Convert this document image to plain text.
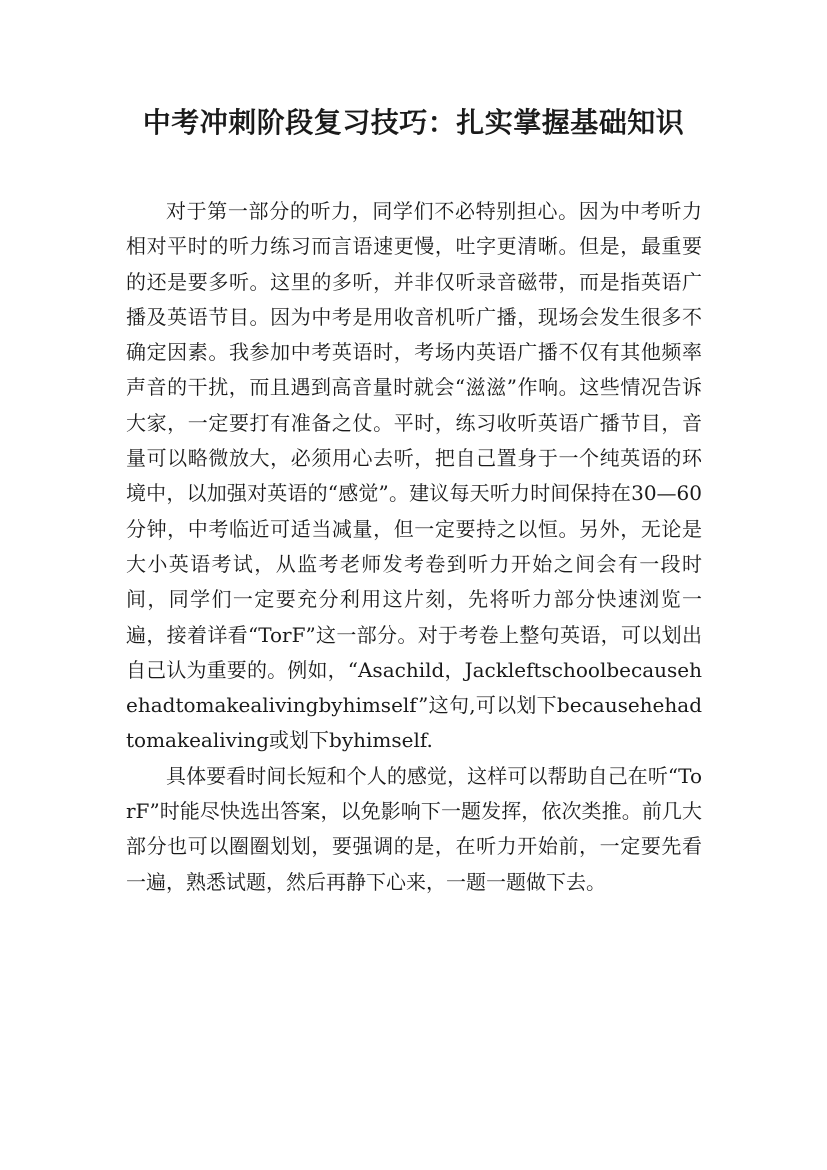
中考冲刺阶段复习技巧：扎实掌握基础知识

对于第一部分的听力，同学们不必特别担心。因为中考听力相对平时的听力练习而言语速更慢，吐字更清晰。但是，最重要的还是要多听。这里的多听，并非仅听录音磁带，而是指英语广播及英语节目。因为中考是用收音机听广播，现场会发生很多不确定因素。我参加中考英语时，考场内英语广播不仅有其他频率声音的干扰，而且遇到高音量时就会“滋滋”作响。这些情况告诉大家，一定要打有准备之仗。平时，练习收听英语广播节目，音量可以略微放大，必须用心去听，把自己置身于一个纯英语的环境中，以加强对英语的“感觉”。建议每天听力时间保持在30—60分钟，中考临近可适当减量，但一定要持之以恒。另外，无论是大小英语考试，从监考老师发考卷到听力开始之间会有一段时间，同学们一定要充分利用这片刻，先将听力部分快速浏览一遍，接着详看“TorF”这一部分。对于考卷上整句英语，可以划出自己认为重要的。例如，“Asachild，Jackleftschoolbecausehehadtomakealivingbyhimself”这句,可以划下becausehehadtomakealiving或划下byhimself.

具体要看时间长短和个人的感觉，这样可以帮助自己在听“TorF”时能尽快选出答案，以免影响下一题发挥，依次类推。前几大部分也可以圈圈划划，要强调的是，在听力开始前，一定要先看一遍，熟悉试题，然后再静下心来，一题一题做下去。
